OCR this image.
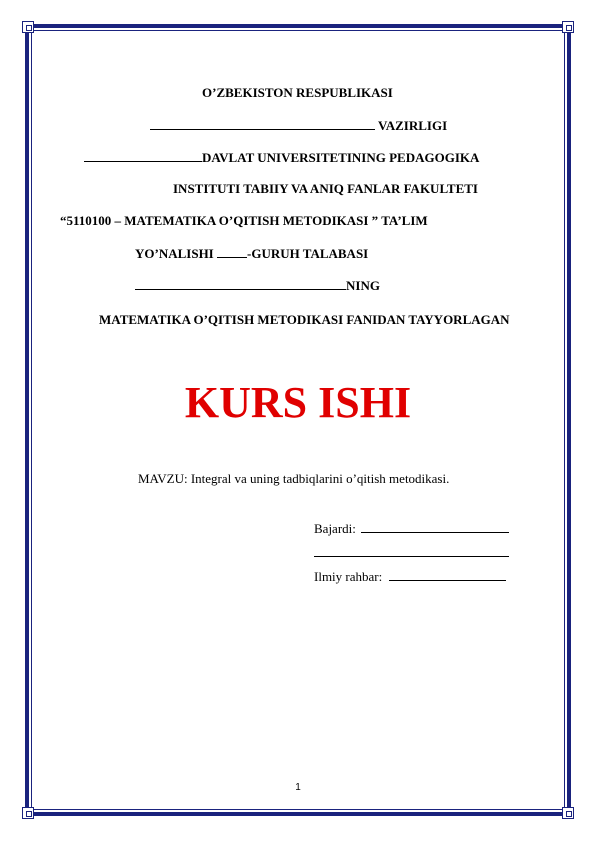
O’ZBEKISTON RESPUBLIKASI
VAZIRLIGI
DAVLAT UNIVERSITETINING PEDAGOGIKA
INSTITUTI TABIIY VA ANIQ FANLAR FAKULTETI
“5110100 – MATEMATIKA O’QITISH METODIKASI ” TA’LIM
YO’NALISHI -GURUH TALABASI
NING
MATEMATIKA O’QITISH METODIKASI FANIDAN TAYYORLAGAN
KURS ISHI
MAVZU: Integral va uning tadbiqlarini o’qitish metodikasi.
Bajardi:
Ilmiy rahbar:
1
